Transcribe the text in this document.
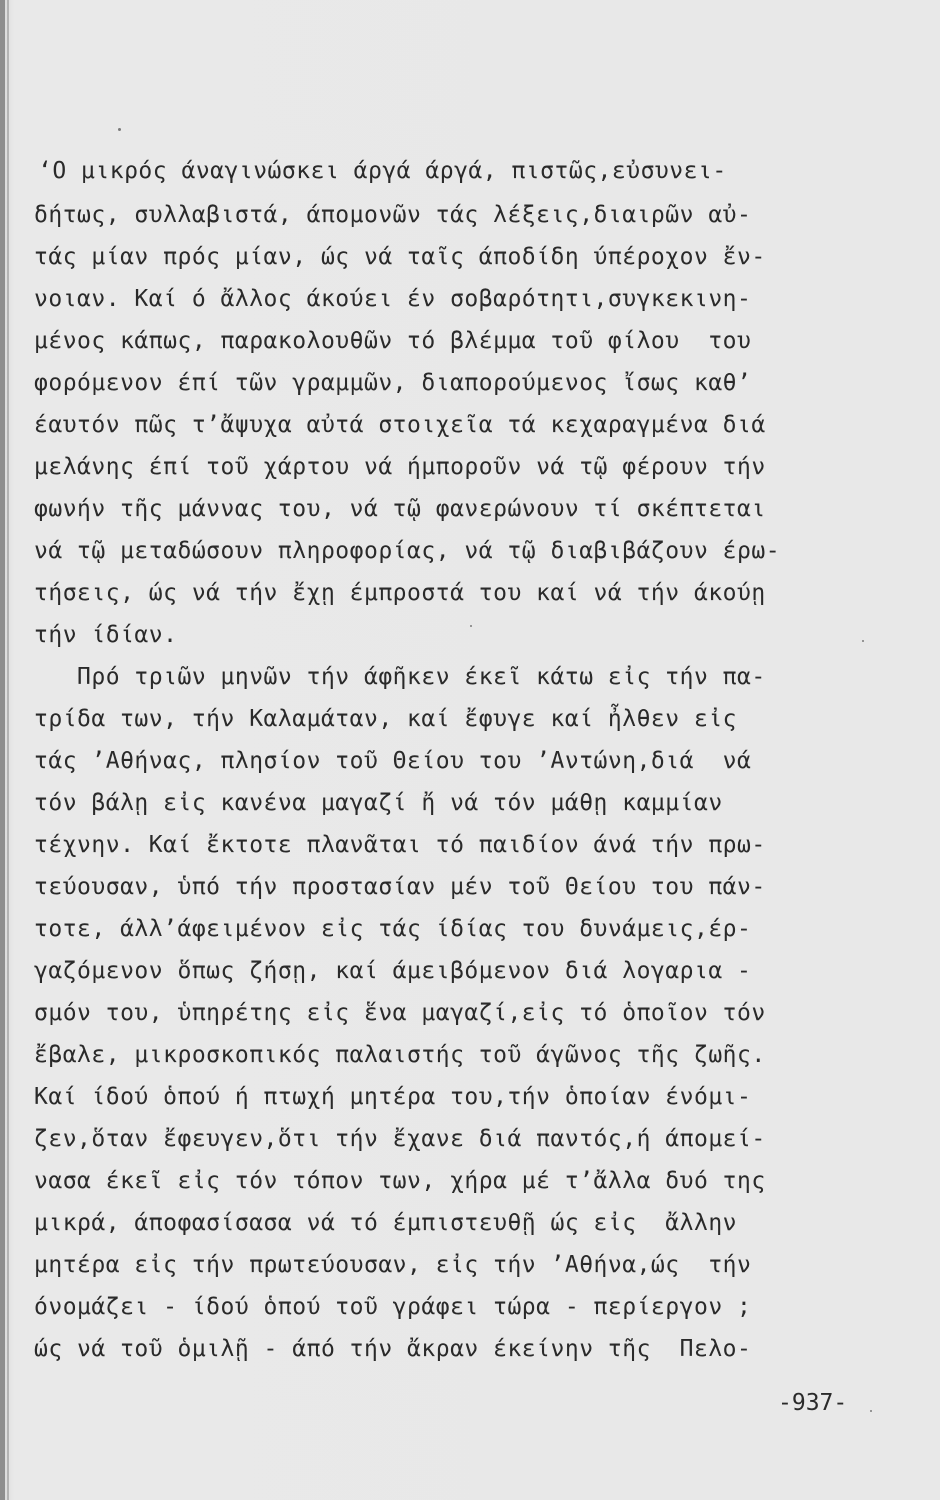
‘Ο μικρός άναγινώσκει άργά άργά, πιστῶς,εὐσυνει-
δήτως, συλλαβιστά, άπομονῶν τάς λέξεις,διαιρῶν αὐ-
τάς μίαν πρός μίαν, ώς νά ταῖς άποδίδη ύπέροχον ἔν-
νοιαν. Καί ό ἄλλος άκούει έν σοβαρότητι,συγκεκινη-
μένος κάπως, παρακολουθῶν τό βλέμμα τοῦ φίλου  του
φορόμενον έπί τῶν γραμμῶν, διαπορούμενος ἴσως καθ’
έαυτόν πῶς τ’ἄψυχα αὐτά στοιχεῖα τά κεχαραγμένα διά
μελάνης έπί τοῦ χάρτου νά ήμποροῦν νά τῷ φέρουν τήν
φωνήν τῆς μάννας του, νά τῷ φανερώνουν τί σκέπτεται
νά τῷ μεταδώσουν πληροφορίας, νά τῷ διαβιβάζουν έρω-
τήσεις, ώς νά τήν ἔχῃ έμπροστά του καί νά τήν άκούῃ
τήν ίδίαν.
Πρό τριῶν μηνῶν τήν άφῆκεν έκεῖ κάτω εἰς τήν πα-
τρίδα των, τήν Καλαμάταν, καί ἔφυγε καί ἦλθεν εἰς
τάς ’Αθήνας, πλησίον τοῦ Θείου του ’Αντώνη,διά  νά
τόν βάλῃ εἰς κανένα μαγαζί ἤ νά τόν μάθῃ καμμίαν
τέχνην. Καί ἔκτοτε πλανᾶται τό παιδίον άνά τήν πρω-
τεύουσαν, ὑπό τήν προστασίαν μέν τοῦ Θείου του πάν-
τοτε, άλλ’άφειμένον εἰς τάς ίδίας του δυνάμεις,έρ-
γαζόμενον ὅπως ζήσῃ, καί άμειβόμενον διά λογαρια -
σμόν του, ὑπηρέτης εἰς ἕνα μαγαζί,εἰς τό ὁποῖον τόν
ἔβαλε, μικροσκοπικός παλαιστής τοῦ άγῶνος τῆς ζωῆς.
Καί ίδού ὁπού ή πτωχή μητέρα του,τήν ὁποίαν ένόμι-
ζεν,ὅταν ἔφευγεν,ὅτι τήν ἔχανε διά παντός,ή άπομεί-
νασα έκεῖ εἰς τόν τόπον των, χήρα μέ τ’ἄλλα δυό της
μικρά, άποφασίσασα νά τό έμπιστευθῇ ώς εἰς  ἄλλην
μητέρα εἰς τήν πρωτεύουσαν, εἰς τήν ’Αθήνα,ώς  τήν
όνομάζει - ίδού ὁπού τοῦ γράφει τώρα - περίεργον ;
ώς νά τοῦ ὁμιλῇ - άπό τήν ἄκραν έκείνην τῆς  Πελο-
-937-
